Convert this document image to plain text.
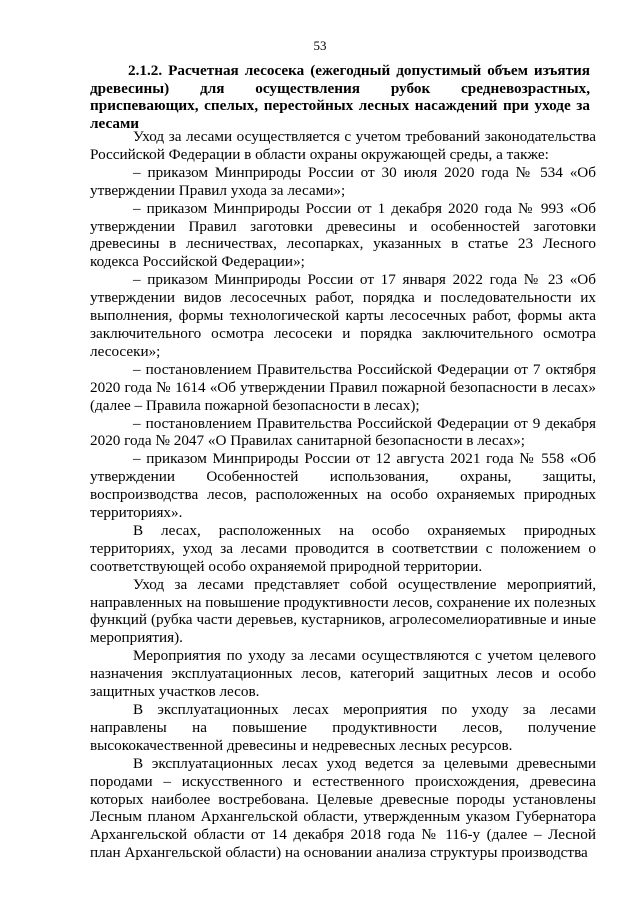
53
2.1.2. Расчетная лесосека (ежегодный допустимый объем изъятия древесины) для осуществления рубок средневозрастных, приспевающих, спелых, перестойных лесных насаждений при уходе за лесами

Уход за лесами осуществляется с учетом требований законодательства Российской Федерации в области охраны окружающей среды, а также:

– приказом Минприроды России от 30 июля 2020 года № 534 «Об утверждении Правил ухода за лесами»;

– приказом Минприроды России от 1 декабря 2020 года № 993 «Об утверждении Правил заготовки древесины и особенностей заготовки древесины в лесничествах, лесопарках, указанных в статье 23 Лесного кодекса Российской Федерации»;

– приказом Минприроды России от 17 января 2022 года № 23 «Об утверждении видов лесосечных работ, порядка и последовательности их выполнения, формы технологической карты лесосечных работ, формы акта заключительного осмотра лесосеки и порядка заключительного осмотра лесосеки»;

– постановлением Правительства Российской Федерации от 7 октября 2020 года № 1614 «Об утверждении Правил пожарной безопасности в лесах» (далее – Правила пожарной безопасности в лесах);

– постановлением Правительства Российской Федерации от 9 декабря 2020 года № 2047 «О Правилах санитарной безопасности в лесах»;

– приказом Минприроды России от 12 августа 2021 года № 558 «Об утверждении Особенностей использования, охраны, защиты, воспроизводства лесов, расположенных на особо охраняемых природных территориях».

В лесах, расположенных на особо охраняемых природных территориях, уход за лесами проводится в соответствии с положением о соответствующей особо охраняемой природной территории.

Уход за лесами представляет собой осуществление мероприятий, направленных на повышение продуктивности лесов, сохранение их полезных функций (рубка части деревьев, кустарников, агролесомелиоративные и иные мероприятия).

Мероприятия по уходу за лесами осуществляются с учетом целевого назначения эксплуатационных лесов, категорий защитных лесов и особо защитных участков лесов.

В эксплуатационных лесах мероприятия по уходу за лесами направлены на повышение продуктивности лесов, получение высококачественной древесины и недревесных лесных ресурсов.

В эксплуатационных лесах уход ведется за целевыми древесными породами – искусственного и естественного происхождения, древесина которых наиболее востребована. Целевые древесные породы установлены Лесным планом Архангельской области, утвержденным указом Губернатора Архангельской области от 14 декабря 2018 года № 116-у (далее – Лесной план Архангельской области) на основании анализа структуры производства
